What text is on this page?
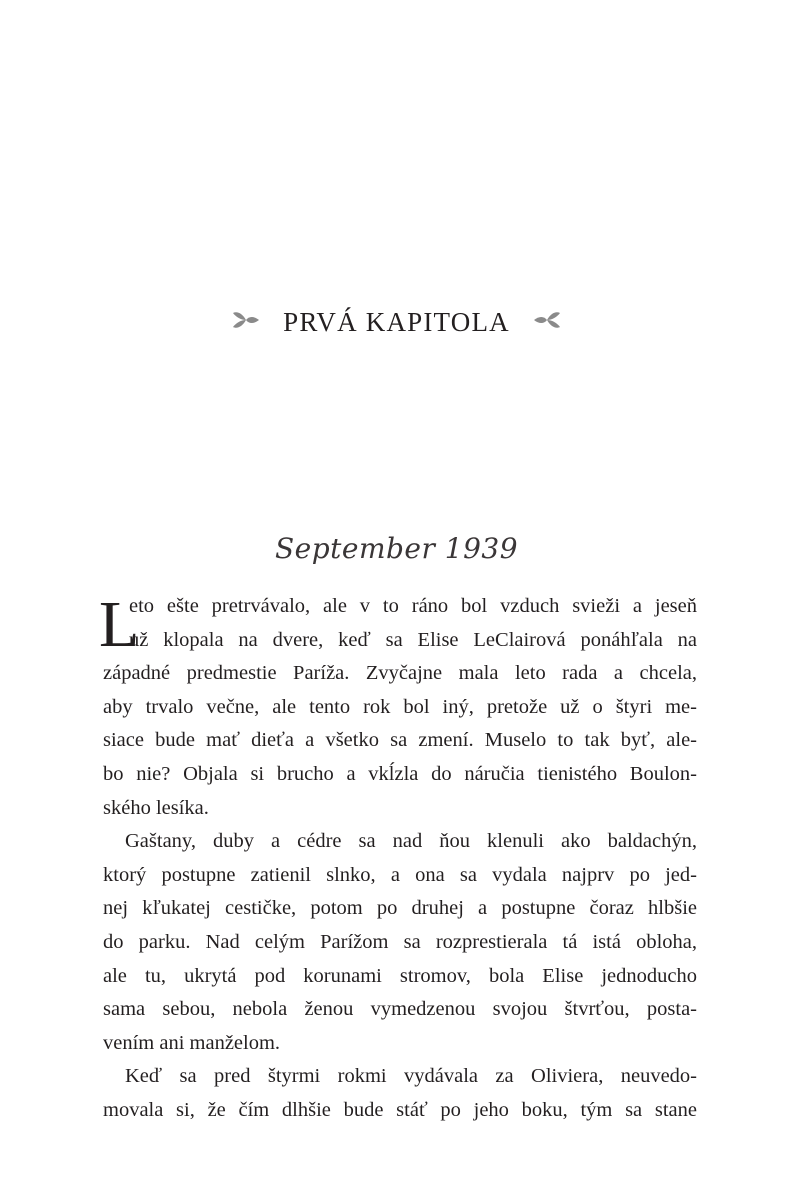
PRVÁ KAPITOLA
September 1939
L
eto ešte pretrvávalo, ale v to ráno bol vzduch svieži a jeseň
už klopala na dvere, keď sa Elise LeClairová ponáhľala na
západné predmestie Paríža. Zvyčajne mala leto rada a chcela,
aby trvalo večne, ale tento rok bol iný, pretože už o štyri me-
siace bude mať dieťa a všetko sa zmení. Muselo to tak byť, ale-
bo nie? Objala si brucho a vkĺzla do náručia tienistého Boulon-
ského lesíka.
Gaštany, duby a cédre sa nad ňou klenuli ako baldachýn,
ktorý postupne zatienil slnko, a ona sa vydala najprv po jed-
nej kľukatej cestičke, potom po druhej a postupne čoraz hlbšie
do parku. Nad celým Parížom sa rozprestierala tá istá obloha,
ale tu, ukrytá pod korunami stromov, bola Elise jednoducho
sama sebou, nebola ženou vymedzenou svojou štvrťou, posta-
vením ani manželom.
Keď sa pred štyrmi rokmi vydávala za Oliviera, neuvedo-
movala si, že čím dlhšie bude stáť po jeho boku, tým sa stane
